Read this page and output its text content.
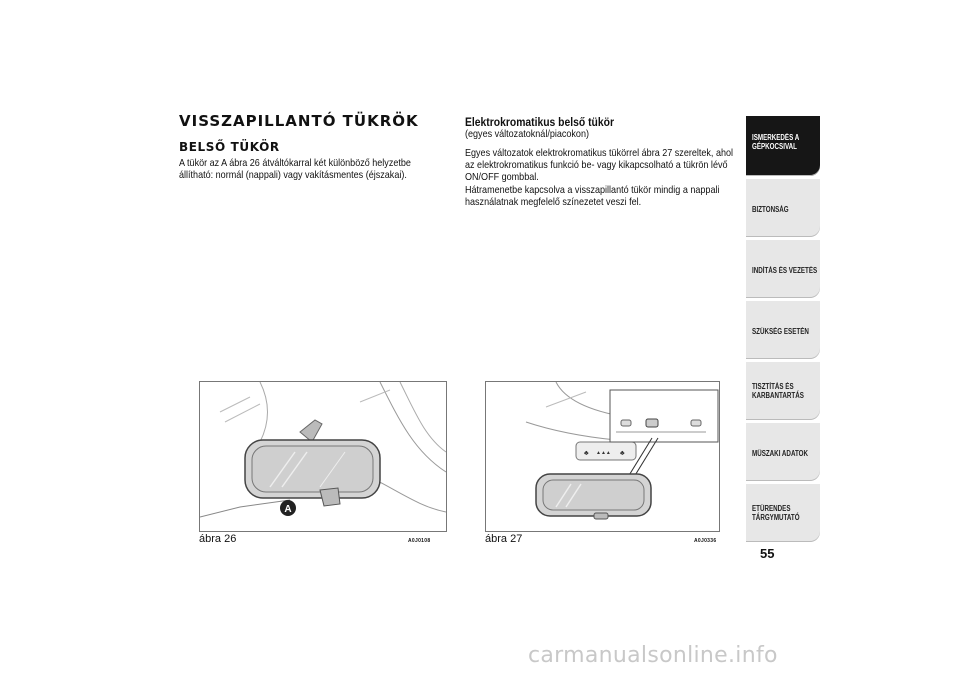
VISSZAPILLANTÓ TÜKRÖK
BELSŐ TÜKÖR
A tükör az A ábra 26 átváltókarral két különböző helyzetbe állítható: normál (nappali) vagy vakításmentes (éjszakai).
Elektrokromatikus belső tükör
(egyes változatoknál/piacokon)
Egyes változatok elektrokromatikus tükörrel ábra 27 szereltek, ahol az elektrokromatikus funkció be- vagy kikapcsolható a tükrön lévő ON/OFF gombbal.
Hátramenetbe kapcsolva a visszapillantó tükör mindig a nappali használatnak megfelelő színezetet veszi fel.
A
ábra 26	A0J0108
♣ ▲▲▲ ♣
ábra 27	A0J0336
ISMERKEDÉS A
GÉPKOCSIVAL
BIZTONSÁG
INDÍTÁS ÉS VEZETÉS
SZÜKSÉG ESETÉN
TISZTÍTÁS ÉS
KARBANTARTÁS
MŰSZAKI ADATOK
ETŰRENDES
TÁRGYMUTATÓ
55
carmanualsonline.info
